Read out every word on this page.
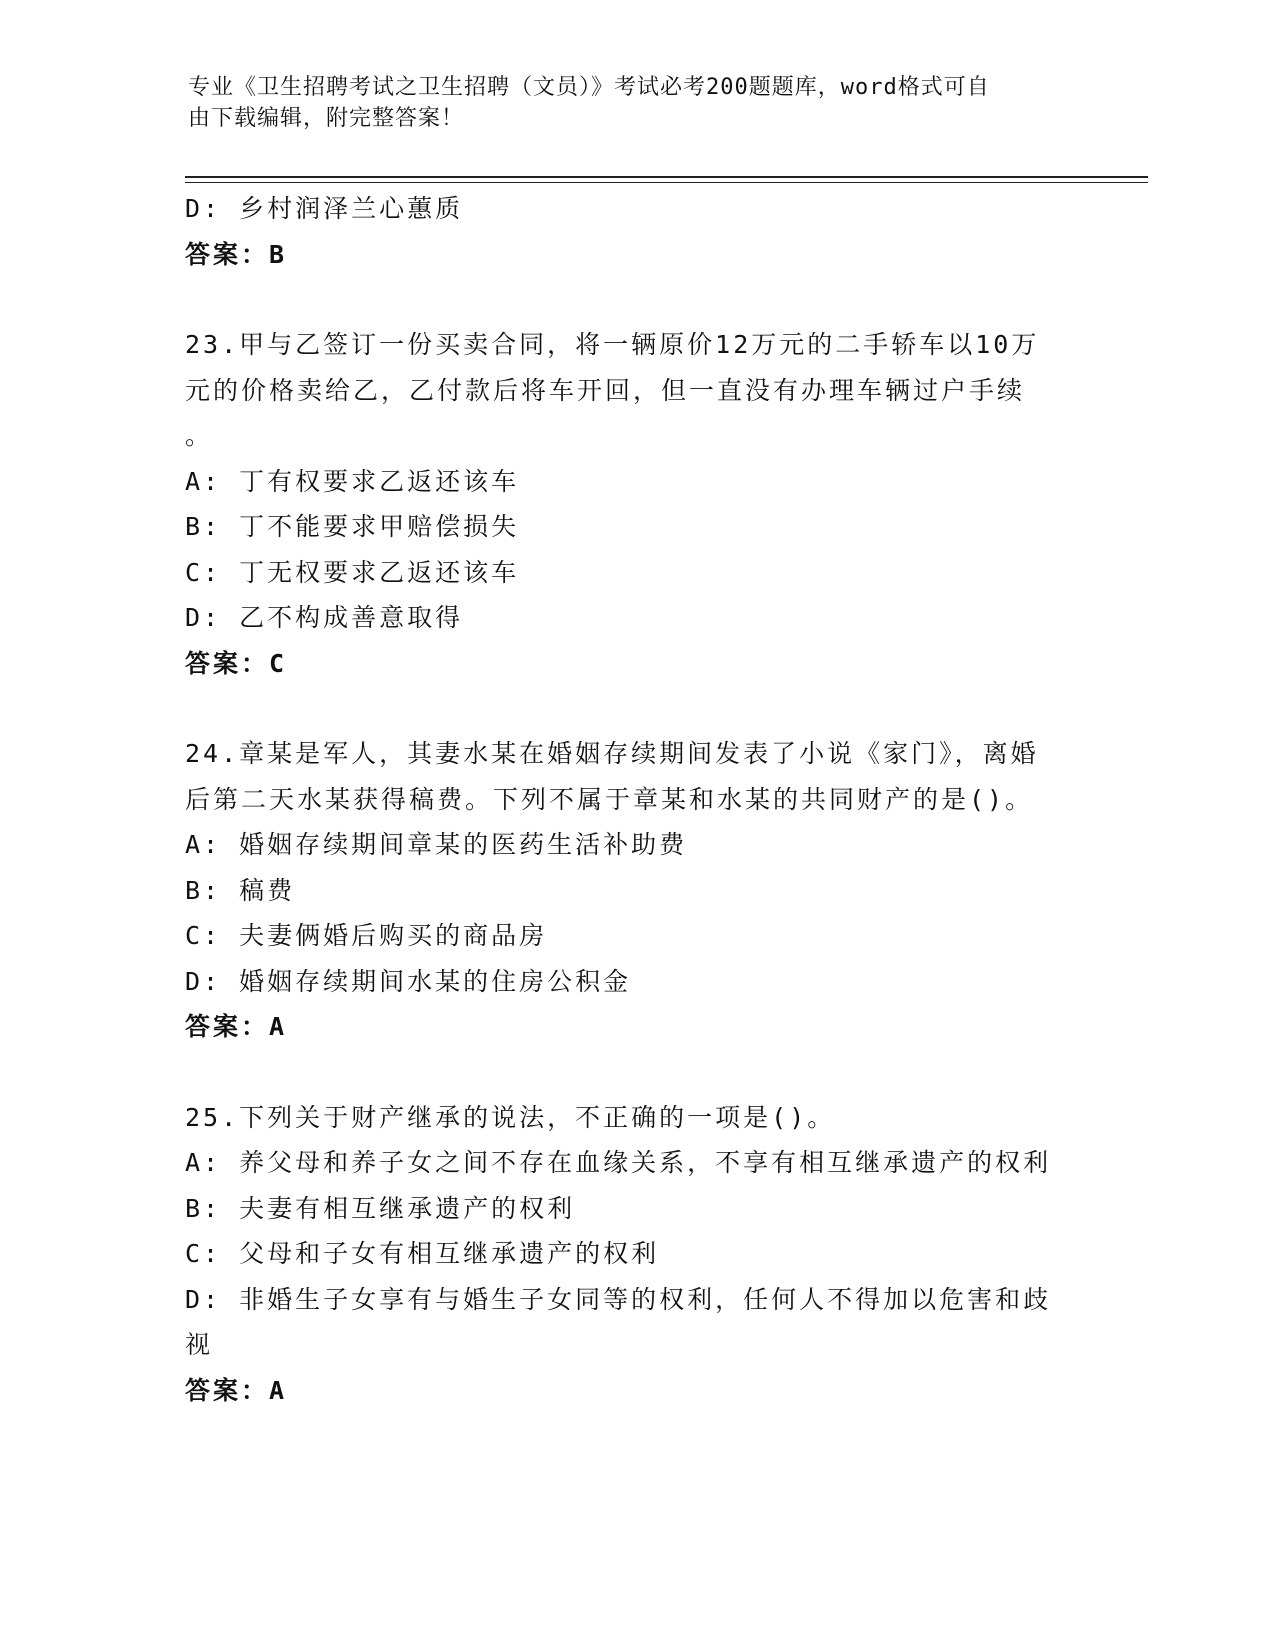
专业《卫生招聘考试之卫生招聘（文员）》考试必考200题题库，word格式可自
由下载编辑，附完整答案！
D: 乡村润泽兰心蕙质
答案：B
23.甲与乙签订一份买卖合同，将一辆原价12万元的二手轿车以10万
元的价格卖给乙，乙付款后将车开回，但一直没有办理车辆过户手续
。
A: 丁有权要求乙返还该车
B: 丁不能要求甲赔偿损失
C: 丁无权要求乙返还该车
D: 乙不构成善意取得
答案：C
24.章某是军人，其妻水某在婚姻存续期间发表了小说《家门》，离婚
后第二天水某获得稿费。下列不属于章某和水某的共同财产的是()。
A: 婚姻存续期间章某的医药生活补助费
B: 稿费
C: 夫妻俩婚后购买的商品房
D: 婚姻存续期间水某的住房公积金
答案：A
25.下列关于财产继承的说法，不正确的一项是()。
A: 养父母和养子女之间不存在血缘关系，不享有相互继承遗产的权利
B: 夫妻有相互继承遗产的权利
C: 父母和子女有相互继承遗产的权利
D: 非婚生子女享有与婚生子女同等的权利，任何人不得加以危害和歧
视
答案：A
